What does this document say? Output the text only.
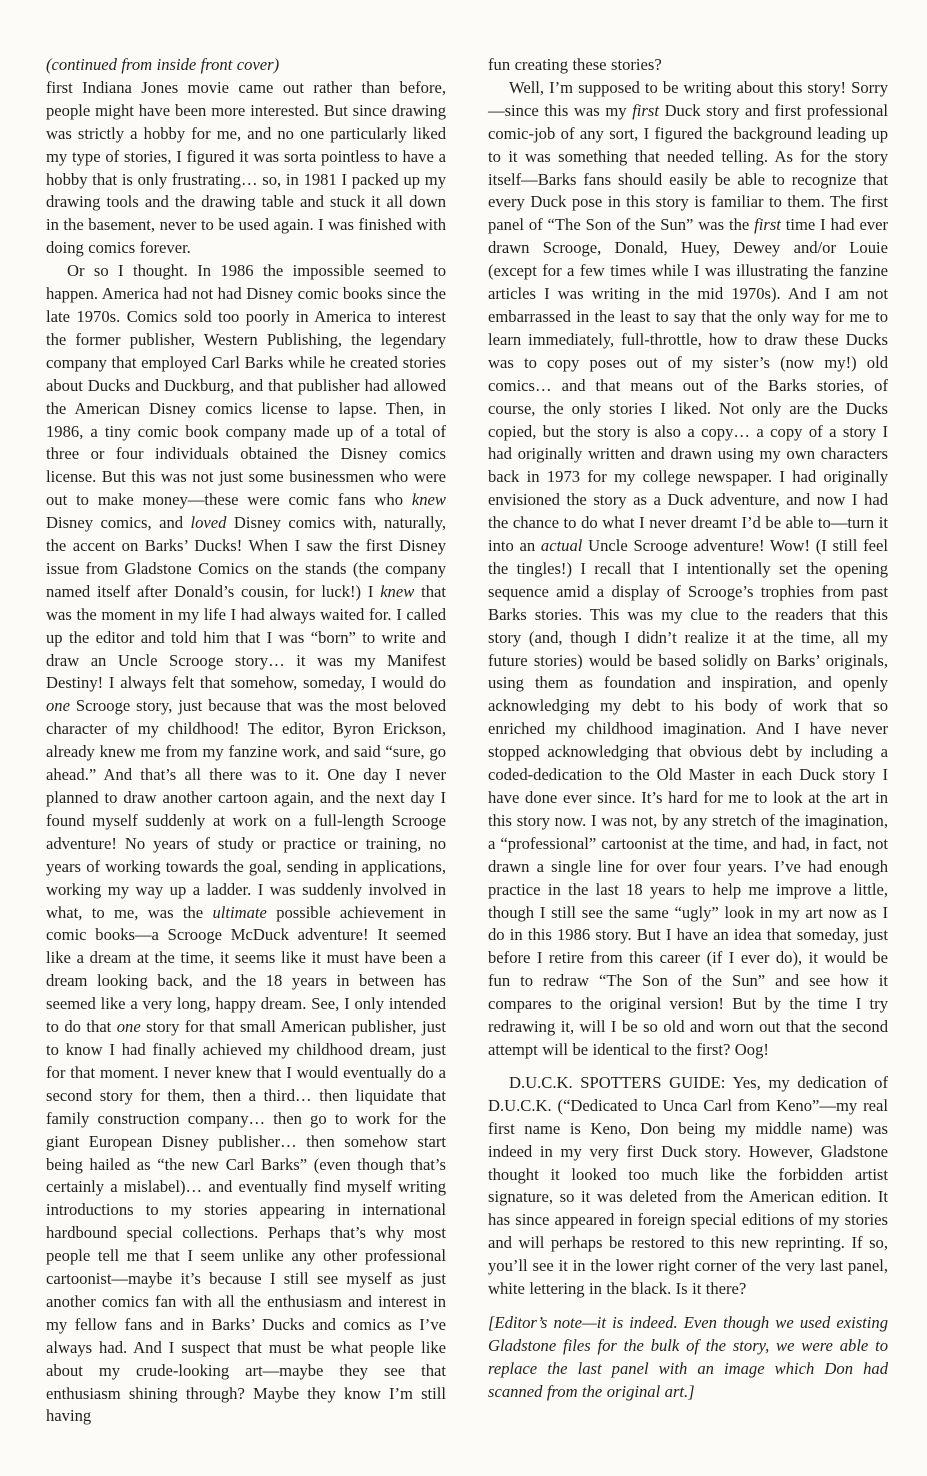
(continued from inside front cover)

first Indiana Jones movie came out rather than before, people might have been more interested. But since drawing was strictly a hobby for me, and no one particularly liked my type of stories, I figured it was sorta pointless to have a hobby that is only frustrating… so, in 1981 I packed up my drawing tools and the drawing table and stuck it all down in the basement, never to be used again. I was finished with doing comics forever.

Or so I thought. In 1986 the impossible seemed to happen. America had not had Disney comic books since the late 1970s. Comics sold too poorly in America to interest the former publisher, Western Publishing, the legendary company that employed Carl Barks while he created stories about Ducks and Duckburg, and that publisher had allowed the American Disney comics license to lapse. Then, in 1986, a tiny comic book company made up of a total of three or four individuals obtained the Disney comics license. But this was not just some businessmen who were out to make money—these were comic fans who knew Disney comics, and loved Disney comics with, naturally, the accent on Barks’ Ducks! When I saw the first Disney issue from Gladstone Comics on the stands (the company named itself after Donald’s cousin, for luck!) I knew that was the moment in my life I had always waited for. I called up the editor and told him that I was “born” to write and draw an Uncle Scrooge story… it was my Manifest Destiny! I always felt that somehow, someday, I would do one Scrooge story, just because that was the most beloved character of my childhood! The editor, Byron Erickson, already knew me from my fanzine work, and said “sure, go ahead.” And that’s all there was to it. One day I never planned to draw another cartoon again, and the next day I found myself suddenly at work on a full-length Scrooge adventure! No years of study or practice or training, no years of working towards the goal, sending in applications, working my way up a ladder. I was suddenly involved in what, to me, was the ultimate possible achievement in comic books—a Scrooge McDuck adventure! It seemed like a dream at the time, it seems like it must have been a dream looking back, and the 18 years in between has seemed like a very long, happy dream. See, I only intended to do that one story for that small American publisher, just to know I had finally achieved my childhood dream, just for that moment. I never knew that I would eventually do a second story for them, then a third… then liquidate that family construction company… then go to work for the giant European Disney publisher… then somehow start being hailed as “the new Carl Barks” (even though that’s certainly a mislabel)… and eventually find myself writing introductions to my stories appearing in international hardbound special collections. Perhaps that’s why most people tell me that I seem unlike any other professional cartoonist—maybe it’s because I still see myself as just another comics fan with all the enthusiasm and interest in my fellow fans and in Barks’ Ducks and comics as I’ve always had. And I suspect that must be what people like about my crude-looking art—maybe they see that enthusiasm shining through? Maybe they know I’m still having

fun creating these stories?

Well, I’m supposed to be writing about this story! Sorry—since this was my first Duck story and first professional comic-job of any sort, I figured the background leading up to it was something that needed telling. As for the story itself—Barks fans should easily be able to recognize that every Duck pose in this story is familiar to them. The first panel of “The Son of the Sun” was the first time I had ever drawn Scrooge, Donald, Huey, Dewey and/or Louie (except for a few times while I was illustrating the fanzine articles I was writing in the mid 1970s). And I am not embarrassed in the least to say that the only way for me to learn immediately, full-throttle, how to draw these Ducks was to copy poses out of my sister’s (now my!) old comics… and that means out of the Barks stories, of course, the only stories I liked. Not only are the Ducks copied, but the story is also a copy… a copy of a story I had originally written and drawn using my own characters back in 1973 for my college newspaper. I had originally envisioned the story as a Duck adventure, and now I had the chance to do what I never dreamt I’d be able to—turn it into an actual Uncle Scrooge adventure! Wow! (I still feel the tingles!) I recall that I intentionally set the opening sequence amid a display of Scrooge’s trophies from past Barks stories. This was my clue to the readers that this story (and, though I didn’t realize it at the time, all my future stories) would be based solidly on Barks’ originals, using them as foundation and inspiration, and openly acknowledging my debt to his body of work that so enriched my childhood imagination. And I have never stopped acknowledging that obvious debt by including a coded-dedication to the Old Master in each Duck story I have done ever since. It’s hard for me to look at the art in this story now. I was not, by any stretch of the imagination, a “professional” cartoonist at the time, and had, in fact, not drawn a single line for over four years. I’ve had enough practice in the last 18 years to help me improve a little, though I still see the same “ugly” look in my art now as I do in this 1986 story. But I have an idea that someday, just before I retire from this career (if I ever do), it would be fun to redraw “The Son of the Sun” and see how it compares to the original version! But by the time I try redrawing it, will I be so old and worn out that the second attempt will be identical to the first? Oog!

D.U.C.K. SPOTTERS GUIDE: Yes, my dedication of D.U.C.K. (“Dedicated to Unca Carl from Keno”—my real first name is Keno, Don being my middle name) was indeed in my very first Duck story. However, Gladstone thought it looked too much like the forbidden artist signature, so it was deleted from the American edition. It has since appeared in foreign special editions of my stories and will perhaps be restored to this new reprinting. If so, you’ll see it in the lower right corner of the very last panel, white lettering in the black. Is it there?

[Editor’s note—it is indeed. Even though we used existing Gladstone files for the bulk of the story, we were able to replace the last panel with an image which Don had scanned from the original art.]
